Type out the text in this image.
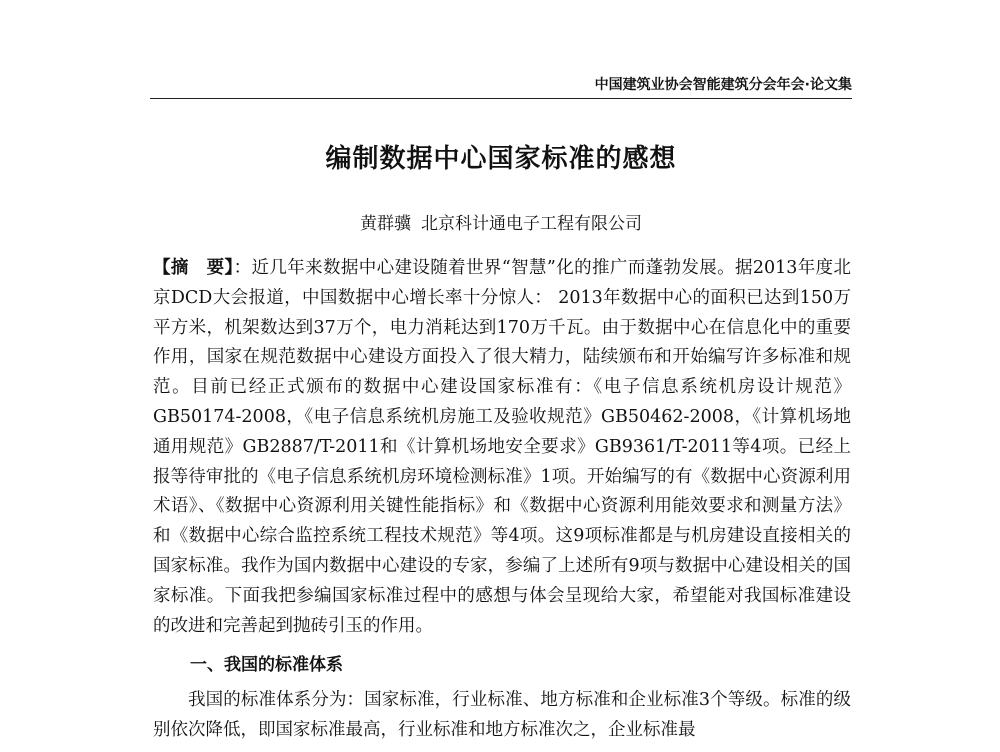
中国建筑业协会智能建筑分会年会·论文集
编制数据中心国家标准的感想
黄群骥 北京科计通电子工程有限公司

【摘　要】：近几年来数据中心建设随着世界“智慧”化的推广而蓬勃发展。据2013年度北京DCD大会报道，中国数据中心增长率十分惊人： 2013年数据中心的面积已达到150万平方米，机架数达到37万个，电力消耗达到170万千瓦。由于数据中心在信息化中的重要作用，国家在规范数据中心建设方面投入了很大精力，陆续颁布和开始编写许多标准和规范。目前已经正式颁布的数据中心建设国家标准有：《电子信息系统机房设计规范》GB50174-2008，《电子信息系统机房施工及验收规范》GB50462-2008，《计算机场地通用规范》GB2887/T-2011和《计算机场地安全要求》GB9361/T-2011等4项。已经上报等待审批的《电子信息系统机房环境检测标准》1项。开始编写的有《数据中心资源利用术语》、《数据中心资源利用关键性能指标》和《数据中心资源利用能效要求和测量方法》和《数据中心综合监控系统工程技术规范》等4项。这9项标准都是与机房建设直接相关的国家标准。我作为国内数据中心建设的专家，参编了上述所有9项与数据中心建设相关的国家标准。下面我把参编国家标准过程中的感想与体会呈现给大家，希望能对我国标准建设的改进和完善起到抛砖引玉的作用。

一、我国的标准体系

我国的标准体系分为：国家标准，行业标准、地方标准和企业标准3个等级。标准的级别依次降低，即国家标准最高，行业标准和地方标准次之，企业标准最
